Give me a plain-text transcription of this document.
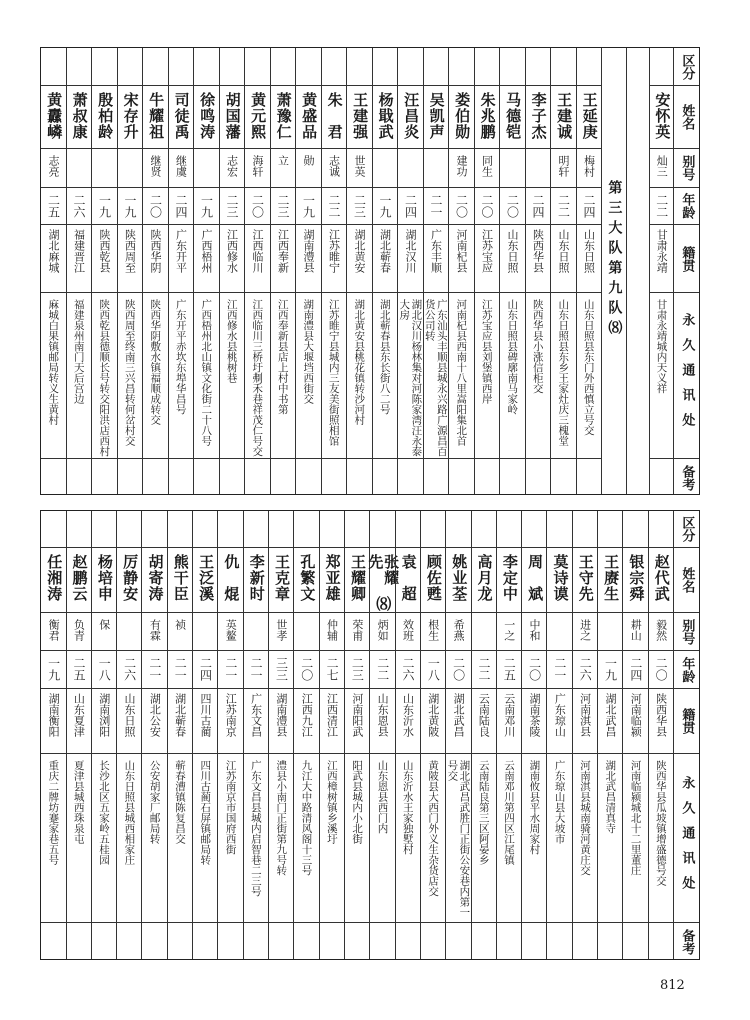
区分
姓名
别号
年龄
籍贯
永久通讯处
备考
安怀英
灿三
二二
甘肃永靖
甘肃永靖城内天义祥
第三大队第九队⑻
王延庚
梅村
二四
山东日照
山东日照县东门外西慎立号交
王建诚
明轩
二二
山东日照
山东日照县东乡王家灶庆三槐堂
李子杰
二四
陕西华县
陕西华县小涨信柜交
马德铠
二〇
山东日照
山东日照县碑廓南马家岭
朱兆鹏
同生
二〇
江苏宝应
江苏宝应县刘堡镇西岸
娄伯勋
建功
二〇
河南杞县
河南杞县西南十八里嵩阳集北首
吴凯声
二一
广东丰顺
广东汕头丰顺县城永兴路广源昌百货公司转
汪昌炎
二四
湖北汉川
湖北汉川杨林集对河陈家湾汪永泰大房
杨戢武
一九
湖北蕲春
湖北蕲春县东长街八二号
王建强
世英
二三
湖北黄安
湖北黄安县桃花镇转沙河村
朱　君
志诚
二二
江苏睢宁
江苏睢宁县城内三友美街照相馆
黄盛品
勋
一九
湖南澧县
湖南澧县大堰垱西街交
萧豫仁
立
二三
江西奉新
江西奉新县店上村中书第
黄元熙
海轩
二〇
江西临川
江西临川三桥圩刜禾巷祥茂仁号交
胡国藩
志宏
二三
江西修水
江西修水县桃树巷
徐鸣涛
一九
广西梧州
广西梧州北山镇文化街二十八号
司徒禹
继虞
二四
广东开平
广东开平赤坎东埠华昌号
牛耀祖
继贤
二〇
陕西华阴
陕西华阴敷水镇福顺成转交
宋存升
一九
陕西周至
陕西周至终南三兴昌转何岔村交
殷柏龄
一九
陕西乾县
陕西乾县德顺长号转交阳洪店西村
萧叔康
二六
福建晋江
福建泉州南门天后宫边
黄纛嶙
志亮
二五
湖北麻城
麻城白果镇邮局转义生黄村
区分
姓名
别号
年龄
籍贯
永久通讯处
备考
赵代武
毅然
二〇
陕西华县
陕西华县瓜坡镇增盛德号交
银宗舜
耕山
二四
河南临颍
河南临颍城北十二里董庄
王赓生
一九
湖北武昌
湖北武昌清真寺
王守先
进之
二六
河南淇县
河南淇县城南骑河黄庄交
莫诗谟
二一
广东琼山
广东琼山县大坡市
周　斌
中和
二〇
湖南茶陵
湖南攸县平水周家村
李定中
一之
二五
云南邓川
云南邓川第四区江尾镇
高月龙
二二
云南陆良
云南陆良第三区阿晏乡
姚业荃
希燕
二〇
湖北武昌
湖北武昌武胜门正街公安巷内第一号交
顾佐甦
根生
一八
湖北黄陂
黄陂县大西门外义生杂货店交
袁　超
效班
二六
山东沂水
山东沂水王家独墅村
张耀先
⑻
炳如
二二
山东恩县
山东恩县西门内
王耀卿
荣甫
二三
河南阳武
阳武县城内小北街
郑亚雄
仲辅
二七
江西清江
江西樟树镇乡溪圩
孔繁文
二〇
江西九江
九江大中路清风阁十三号
王克章
世孝
三三
湖南澧县
澧县小南门正街第九号转
李新时
二一
广东文昌
广东文昌县城内启智巷二三号
仇　焜
英鳌
二一
江苏南京
江苏南京市国府西街
王泛溪
二四
四川古蔺
四川古蔺石屏镇邮局转
熊干臣
祯
二一
湖北蕲春
蕲春漕镇陈复昌交
胡寄涛
有霖
二一
湖北公安
公安胡家厂邮局转
厉静安
二六
山东日照
山东日照县城西相家庄
杨培申
保
一八
湖南浏阳
长沙北区五家岭五桂园
赵鹏云
负青
二五
山东夏津
夏津县城西珠泉屯
任湘涛
衡君
一九
湖南衡阳
重庆二牌坊蹇家巷五号
812
